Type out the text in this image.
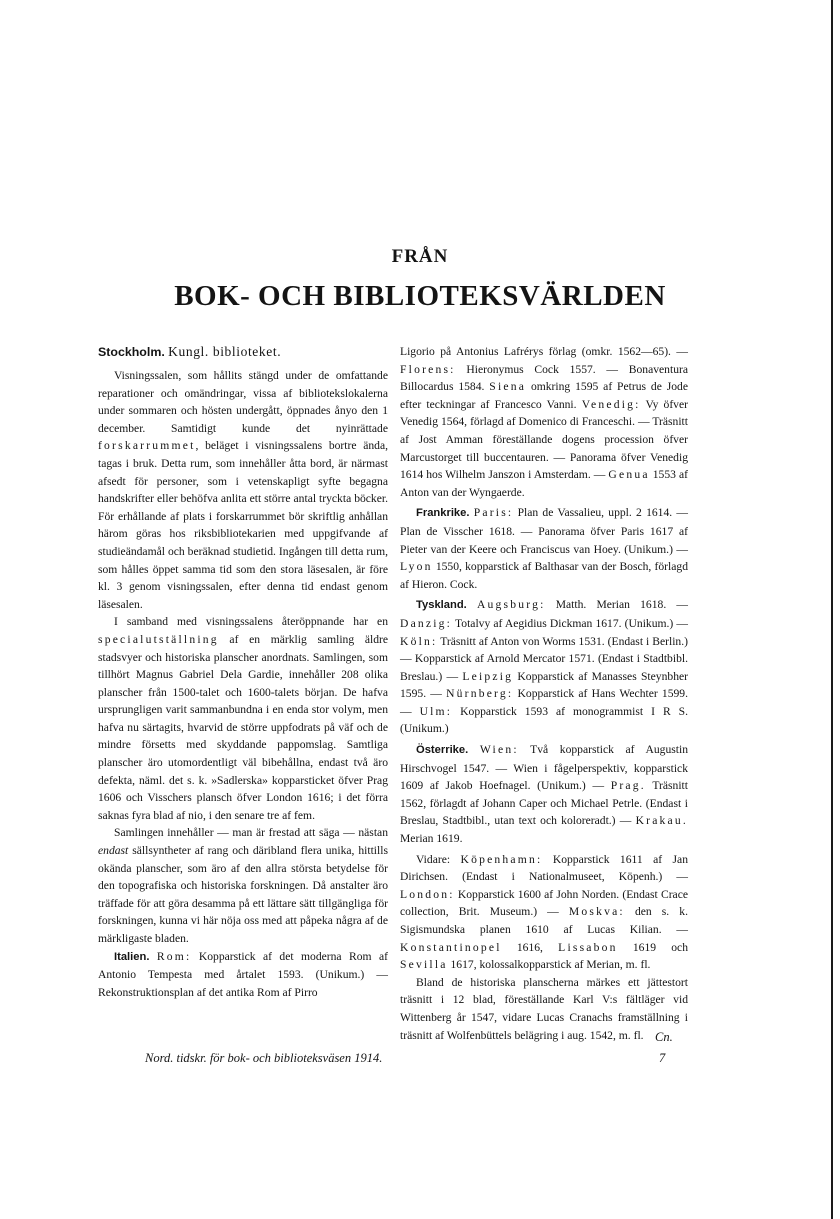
FRÅN
BOK- OCH BIBLIOTEKSVÄRLDEN
Stockholm. Kungl. biblioteket.

Visningssalen, som hållits stängd under de omfattande reparationer och omändringar, vissa af bibliotekslokalerna under sommaren och hösten undergått, öppnades ånyo den 1 december. Samtidigt kunde det nyinrättade forskarrummet, beläget i visningssalens bortre ända, tagas i bruk. Detta rum, som innehåller åtta bord, är närmast afsedt för personer, som i vetenskapligt syfte begagna handskrifter eller behöfva anlita ett större antal tryckta böcker. För erhållande af plats i forskarrummet bör skriftlig anhållan härom göras hos riksbibliotekarien med uppgifvande af studieändamål och beräknad studietid. Ingången till detta rum, som hålles öppet samma tid som den stora läsesalen, är före kl. 3 genom visningssalen, efter denna tid endast genom läsesalen.

I samband med visningssalens återöppnande har en specialutställning af en märklig samling äldre stadsvyer och historiska planscher anordnats. Samlingen, som tillhört Magnus Gabriel Dela Gardie, innehåller 208 olika planscher från 1500-talet och 1600-talets början. De hafva ursprungligen varit sammanbundna i en enda stor volym, men hafva nu särtagits, hvarvid de större uppfodrats på väf och de mindre försetts med skyddande pappomslag. Samtliga planscher äro utomordentligt väl bibehållna, endast två äro defekta, näml. det s. k. »Sadlerska» kopparsticket öfver Prag 1606 och Visschers plansch öfver London 1616; i det förra saknas fyra blad af nio, i den senare tre af fem.

Samlingen innehåller — man är frestad att säga — nästan endast sällsyntheter af rang och däribland flera unika, hittills okända planscher, som äro af den allra största betydelse för den topografiska och historiska forskningen. Då anstalter äro träffade för att göra desamma på ett lättare sätt tillgängliga för forskningen, kunna vi här nöja oss med att påpeka några af de märkligaste bladen.

Italien. Rom: Kopparstick af det moderna Rom af Antonio Tempesta med årtalet 1593. (Unikum.) — Rekonstruktionsplan af det antika Rom af Pirro

Ligorio på Antonius Lafrérys förlag (omkr. 1562—65). — Florens: Hieronymus Cock 1557. — Bonaventura Billocardus 1584. Siena omkring 1595 af Petrus de Jode efter teckningar af Francesco Vanni. Venedig: Vy öfver Venedig 1564, förlagd af Domenico di Franceschi. — Träsnitt af Jost Amman föreställande dogens procession öfver Marcustorget till buccentauren. — Panorama öfver Venedig 1614 hos Wilhelm Janszon i Amsterdam. — Genua 1553 af Anton van der Wyngaerde.

Frankrike. Paris: Plan de Vassalieu, uppl. 2 1614. — Plan de Visscher 1618. — Panorama öfver Paris 1617 af Pieter van der Keere och Franciscus van Hoey. (Unikum.) — Lyon 1550, kopparstick af Balthasar van der Bosch, förlagd af Hieron. Cock.

Tyskland. Augsburg: Matth. Merian 1618. — Danzig: Totalvy af Aegidius Dickman 1617. (Unikum.) — Köln: Träsnitt af Anton von Worms 1531. (Endast i Berlin.) — Kopparstick af Arnold Mercator 1571. (Endast i Stadtbibl. Breslau.) — Leipzig Kopparstick af Manasses Steynbher 1595. — Nürnberg: Kopparstick af Hans Wechter 1599. — Ulm: Kopparstick 1593 af monogrammist I R S. (Unikum.)

Österrike. Wien: Två kopparstick af Augustin Hirschvogel 1547. — Wien i fågelperspektiv, kopparstick 1609 af Jakob Hoefnagel. (Unikum.) — Prag. Träsnitt 1562, förlagdt af Johann Caper och Michael Petrle. (Endast i Breslau, Stadtbibl., utan text och koloreradt.) — Krakau. Merian 1619.

Vidare: Köpenhamn: Kopparstick 1611 af Jan Dirichsen. (Endast i Nationalmuseet, Köpenh.) — London: Kopparstick 1600 af John Norden. (Endast Crace collection, Brit. Museum.) — Moskva: den s. k. Sigismundska planen 1610 af Lucas Kilian. — Konstantinopel 1616, Lissabon 1619 och Sevilla 1617, kolossalkopparstick af Merian, m. fl.

Bland de historiska planscherna märkes ett jättestort träsnitt i 12 blad, föreställande Karl V:s fältläger vid Wittenberg år 1547, vidare Lucas Cranachs framställning i träsnitt af Wolfenbüttels belägring i aug. 1542, m. fl. Cn.
Nord. tidskr. för bok- och biblioteksväsen 1914.	7
